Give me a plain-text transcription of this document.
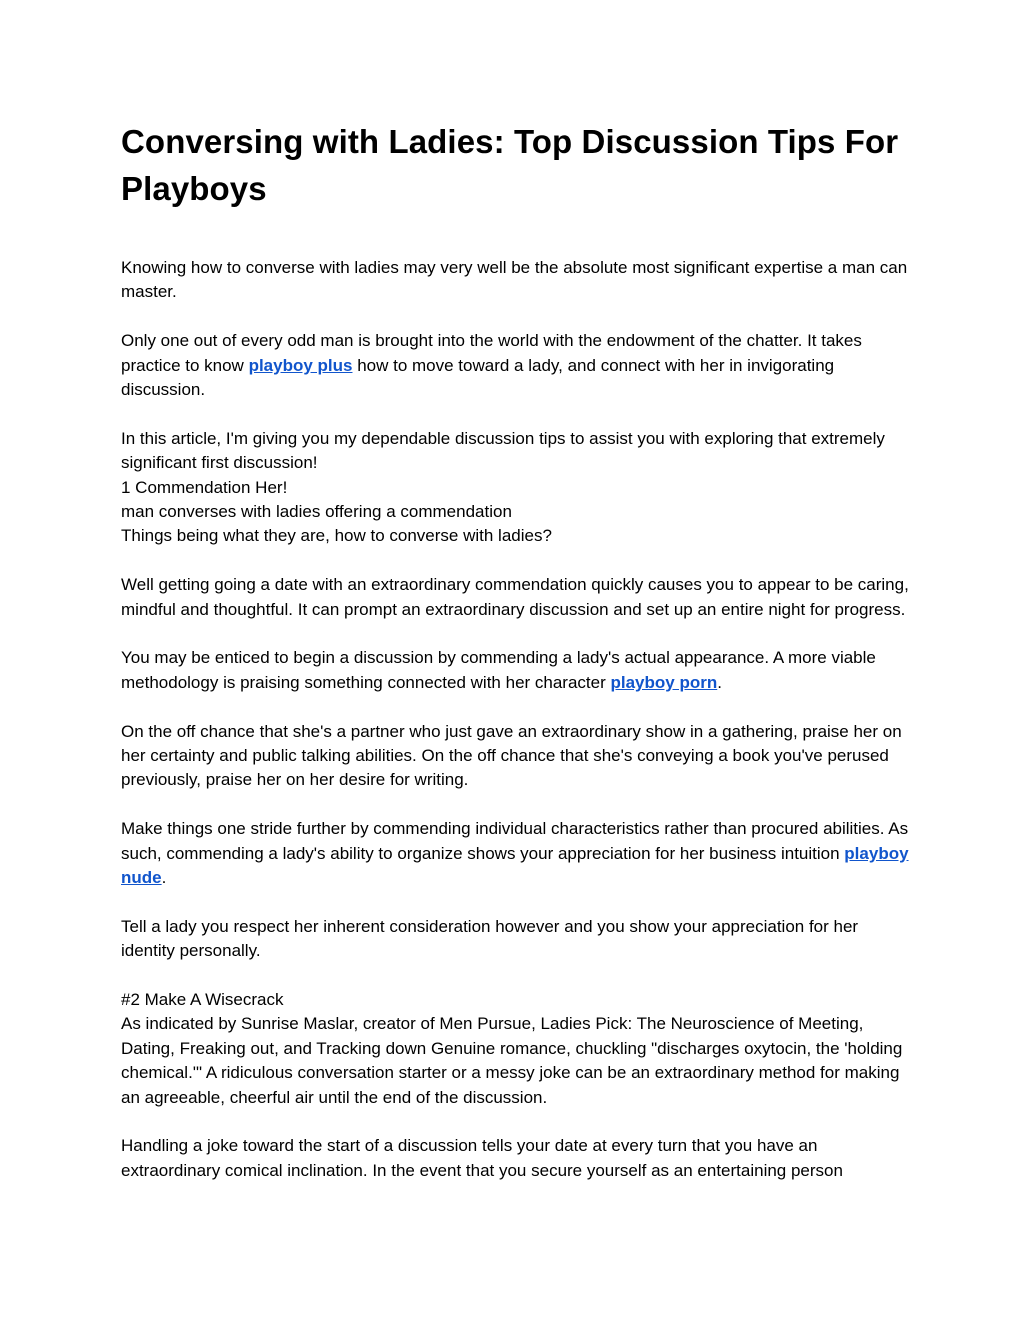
Conversing with Ladies: Top Discussion Tips For Playboys

Knowing how to converse with ladies may very well be the absolute most significant expertise a man can master.

Only one out of every odd man is brought into the world with the endowment of the chatter. It takes practice to know playboy plus how to move toward a lady, and connect with her in invigorating discussion.

In this article, I'm giving you my dependable discussion tips to assist you with exploring that extremely significant first discussion!
1 Commendation Her!
man converses with ladies offering a commendation
Things being what they are, how to converse with ladies?

Well getting going a date with an extraordinary commendation quickly causes you to appear to be caring, mindful and thoughtful. It can prompt an extraordinary discussion and set up an entire night for progress.

You may be enticed to begin a discussion by commending a lady's actual appearance. A more viable methodology is praising something connected with her character playboy porn.

On the off chance that she's a partner who just gave an extraordinary show in a gathering, praise her on her certainty and public talking abilities. On the off chance that she's conveying a book you've perused previously, praise her on her desire for writing.

Make things one stride further by commending individual characteristics rather than procured abilities. As such, commending a lady's ability to organize shows your appreciation for her business intuition playboy nude.

Tell a lady you respect her inherent consideration however and you show your appreciation for her identity personally.

#2 Make A Wisecrack
As indicated by Sunrise Maslar, creator of Men Pursue, Ladies Pick: The Neuroscience of Meeting, Dating, Freaking out, and Tracking down Genuine romance, chuckling "discharges oxytocin, the 'holding chemical.'" A ridiculous conversation starter or a messy joke can be an extraordinary method for making an agreeable, cheerful air until the end of the discussion.

Handling a joke toward the start of a discussion tells your date at every turn that you have an extraordinary comical inclination. In the event that you secure yourself as an entertaining person
